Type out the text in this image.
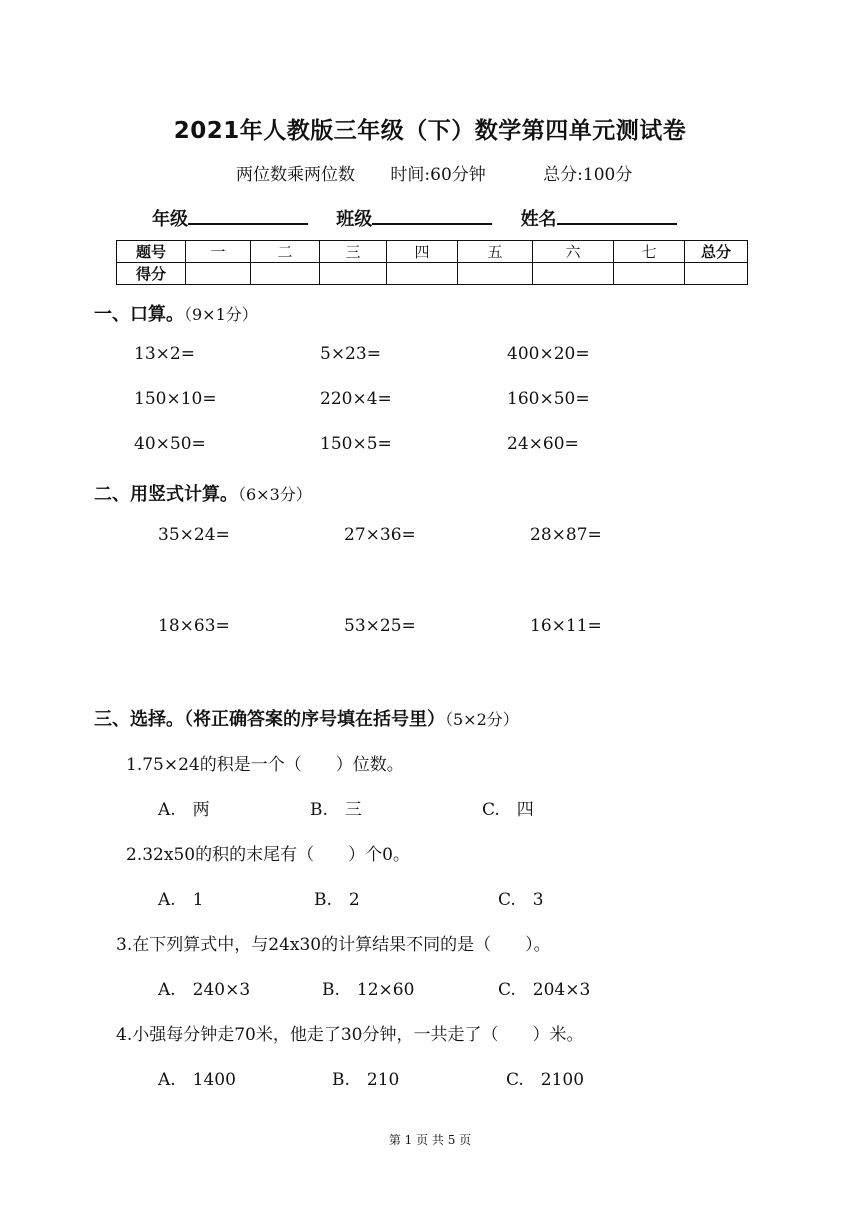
2021年人教版三年级（下）数学第四单元测试卷
两位数乘两位数 时间:60分钟	总分:100分
年级	班级	姓名
题号	一	二	三	四	五	六	七	总分
得分								
一、口算。（9×1分）
13×2=	5×23=	400×20=
150×10=	220×4=	160×50=
40×50=	150×5=	24×60=
二、用竖式计算。（6×3分）
35×24=	27×36=	28×87=
18×63=	53×25=	16×11=
三、选择。（将正确答案的序号填在括号里）（5×2分）
1.75×24的积是一个（　　）位数。
A.　两	B.　三	C.　四
2.32x50的积的末尾有（　　）个0。
A.　1	B.　2	C.　3
3.在下列算式中，与24x30的计算结果不同的是（　　）。
A.　240×3	B.　12×60	C.　204×3
4.小强每分钟走70米，他走了30分钟，一共走了（　　）米。
A.　1400	B.　210	C.　2100
第 1 页 共 5 页
